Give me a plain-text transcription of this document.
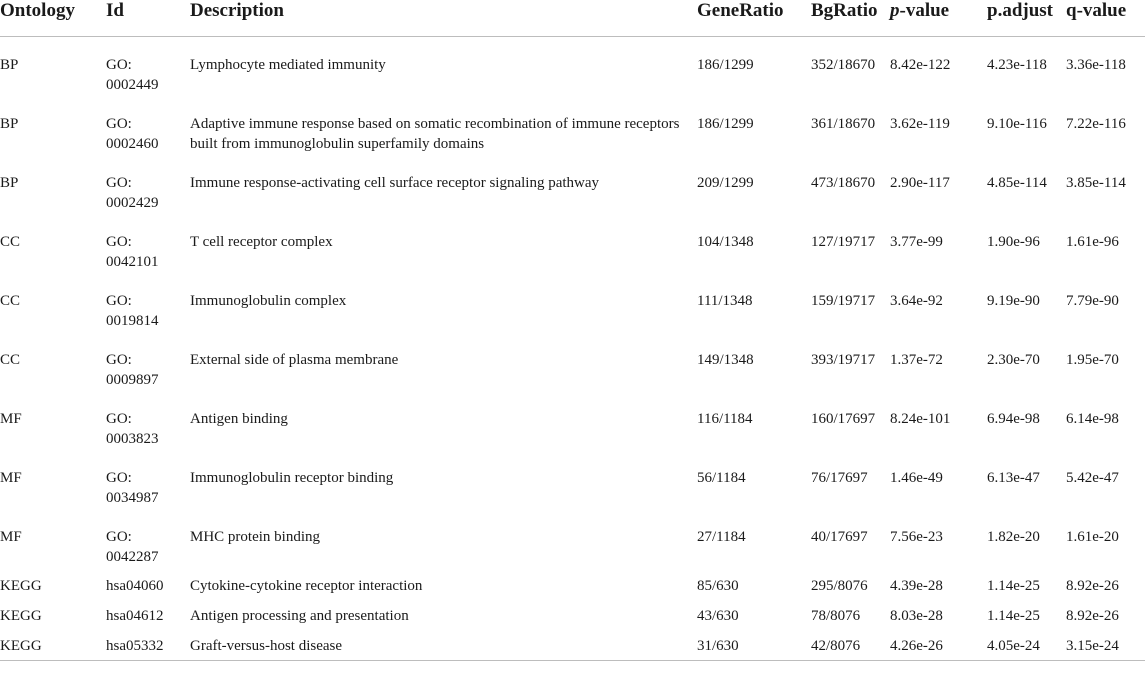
Ontology	Id	Description	GeneRatio	BgRatio	p-value	p.adjust	q-value
BP	GO: 0002449	Lymphocyte mediated immunity	186/1299	352/18670	8.42e-122	4.23e-118	3.36e-118
BP	GO: 0002460	Adaptive immune response based on somatic recombination of immune receptors built from immunoglobulin superfamily domains	186/1299	361/18670	3.62e-119	9.10e-116	7.22e-116
BP	GO: 0002429	Immune response-activating cell surface receptor signaling pathway	209/1299	473/18670	2.90e-117	4.85e-114	3.85e-114
CC	GO: 0042101	T cell receptor complex	104/1348	127/19717	3.77e-99	1.90e-96	1.61e-96
CC	GO: 0019814	Immunoglobulin complex	111/1348	159/19717	3.64e-92	9.19e-90	7.79e-90
CC	GO: 0009897	External side of plasma membrane	149/1348	393/19717	1.37e-72	2.30e-70	1.95e-70
MF	GO: 0003823	Antigen binding	116/1184	160/17697	8.24e-101	6.94e-98	6.14e-98
MF	GO: 0034987	Immunoglobulin receptor binding	56/1184	76/17697	1.46e-49	6.13e-47	5.42e-47
MF	GO: 0042287	MHC protein binding	27/1184	40/17697	7.56e-23	1.82e-20	1.61e-20
KEGG	hsa04060	Cytokine-cytokine receptor interaction	85/630	295/8076	4.39e-28	1.14e-25	8.92e-26
KEGG	hsa04612	Antigen processing and presentation	43/630	78/8076	8.03e-28	1.14e-25	8.92e-26
KEGG	hsa05332	Graft-versus-host disease	31/630	42/8076	4.26e-26	4.05e-24	3.15e-24
